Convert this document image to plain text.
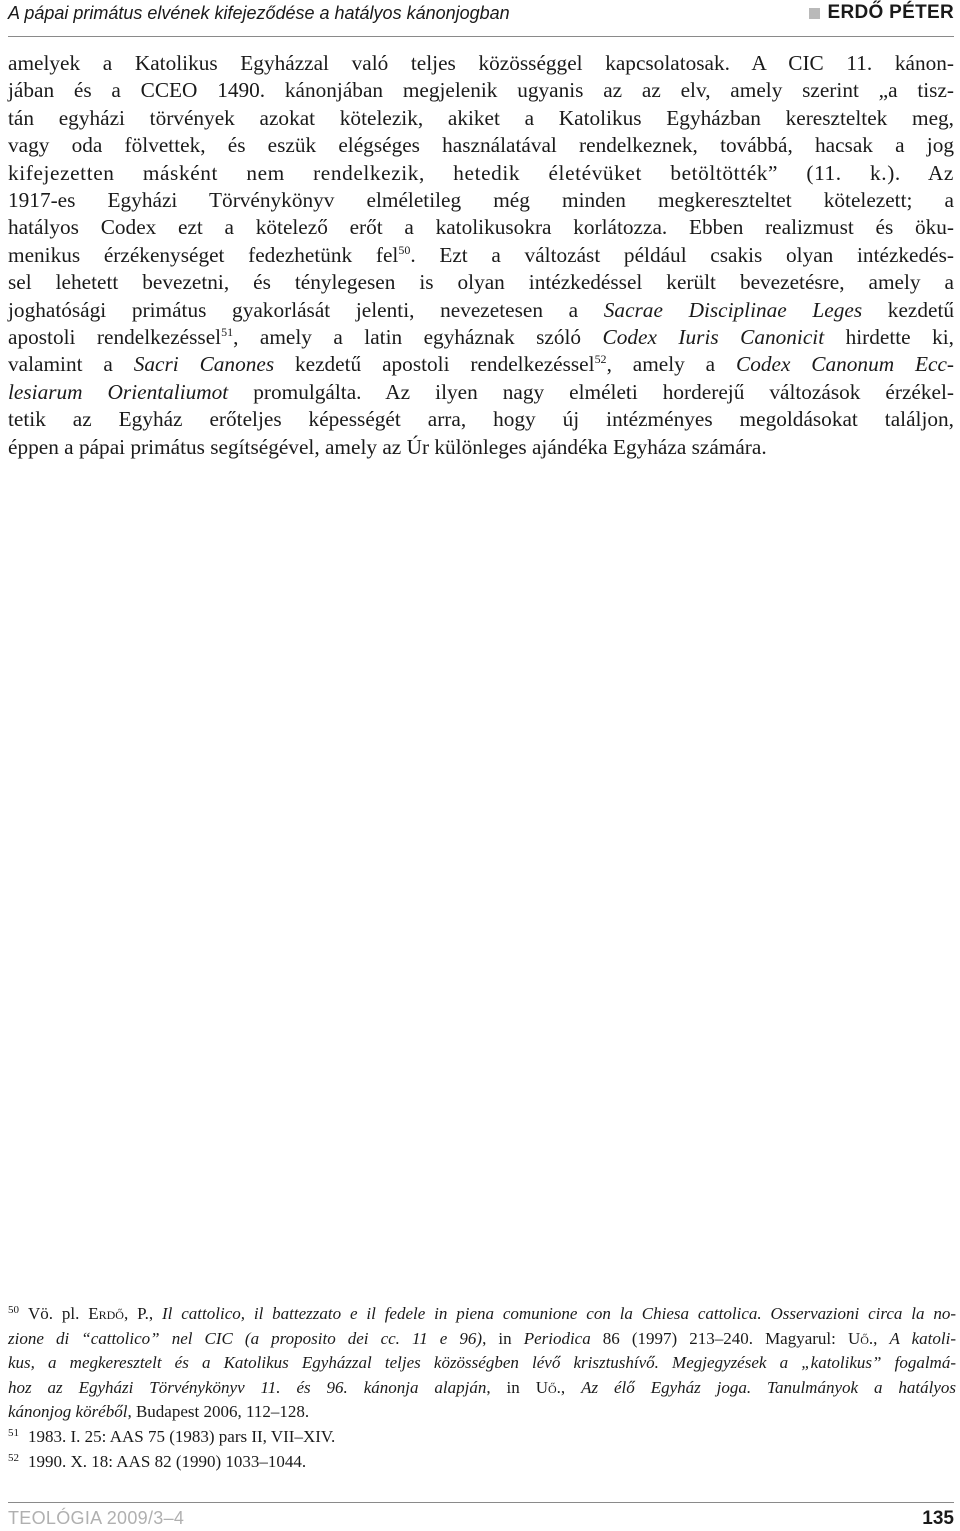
A pápai primátus elvének kifejeződése a hatályos kánonjogban	ERDŐ PÉTER
amelyek a Katolikus Egyházzal való teljes közösséggel kapcsolatosak. A CIC 11. kánon-
jában és a CCEO 1490. kánonjában megjelenik ugyanis az az elv, amely szerint „a tisz-
tán egyházi törvények azokat kötelezik, akiket a Katolikus Egyházban kereszteltek meg,
vagy oda fölvettek, és eszük elégséges használatával rendelkeznek, továbbá, hacsak a jog
kifejezetten másként nem rendelkezik, hetedik életévüket betöltötték” (11. k.). Az
1917-es Egyházi Törvénykönyv elméletileg még minden megkereszteltet kötelezett; a
hatályos Codex ezt a kötelező erőt a katolikusokra korlátozza. Ebben realizmust és öku-
menikus érzékenységet fedezhetünk fel$^{50}$. Ezt a változást például csakis olyan intézkedés-
sel lehetett bevezetni, és ténylegesen is olyan intézkedéssel került bevezetésre, amely a
joghatósági primátus gyakorlását jelenti, nevezetesen a Sacrae Disciplinae Leges kezdetű
apostoli rendelkezéssel$^{51}$, amely a latin egyháznak szóló Codex Iuris Canonicit hirdette ki,
valamint a Sacri Canones kezdetű apostoli rendelkezéssel$^{52}$, amely a Codex Canonum Ecc-
lesiarum Orientaliumot promulgálta. Az ilyen nagy elméleti horderejű változások érzékel-
tetik az Egyház erőteljes képességét arra, hogy új intézményes megoldásokat találjon,
éppen a pápai primátus segítségével, amely az Úr különleges ajándéka Egyháza számára.
50 Vö. pl. Erdő, P., Il cattolico, il battezzato e il fedele in piena comunione con la Chiesa cattolica. Osservazioni circa la no-
zione di “cattolico” nel CIC (a proposito dei cc. 11 e 96), in Periodica 86 (1997) 213–240. Magyarul: Uő., A katoli-
kus, a megkeresztelt és a Katolikus Egyházzal teljes közösségben lévő krisztushívő. Megjegyzések a „katolikus” fogalmá-
hoz az Egyházi Törvénykönyv 11. és 96. kánonja alapján, in Uő., Az élő Egyház joga. Tanulmányok a hatályos
kánonjog köréből, Budapest 2006, 112–128.
51 1983. I. 25: AAS 75 (1983) pars II, VII–XIV.
52 1990. X. 18: AAS 82 (1990) 1033–1044.
TEOLÓGIA 2009/3–4	135
